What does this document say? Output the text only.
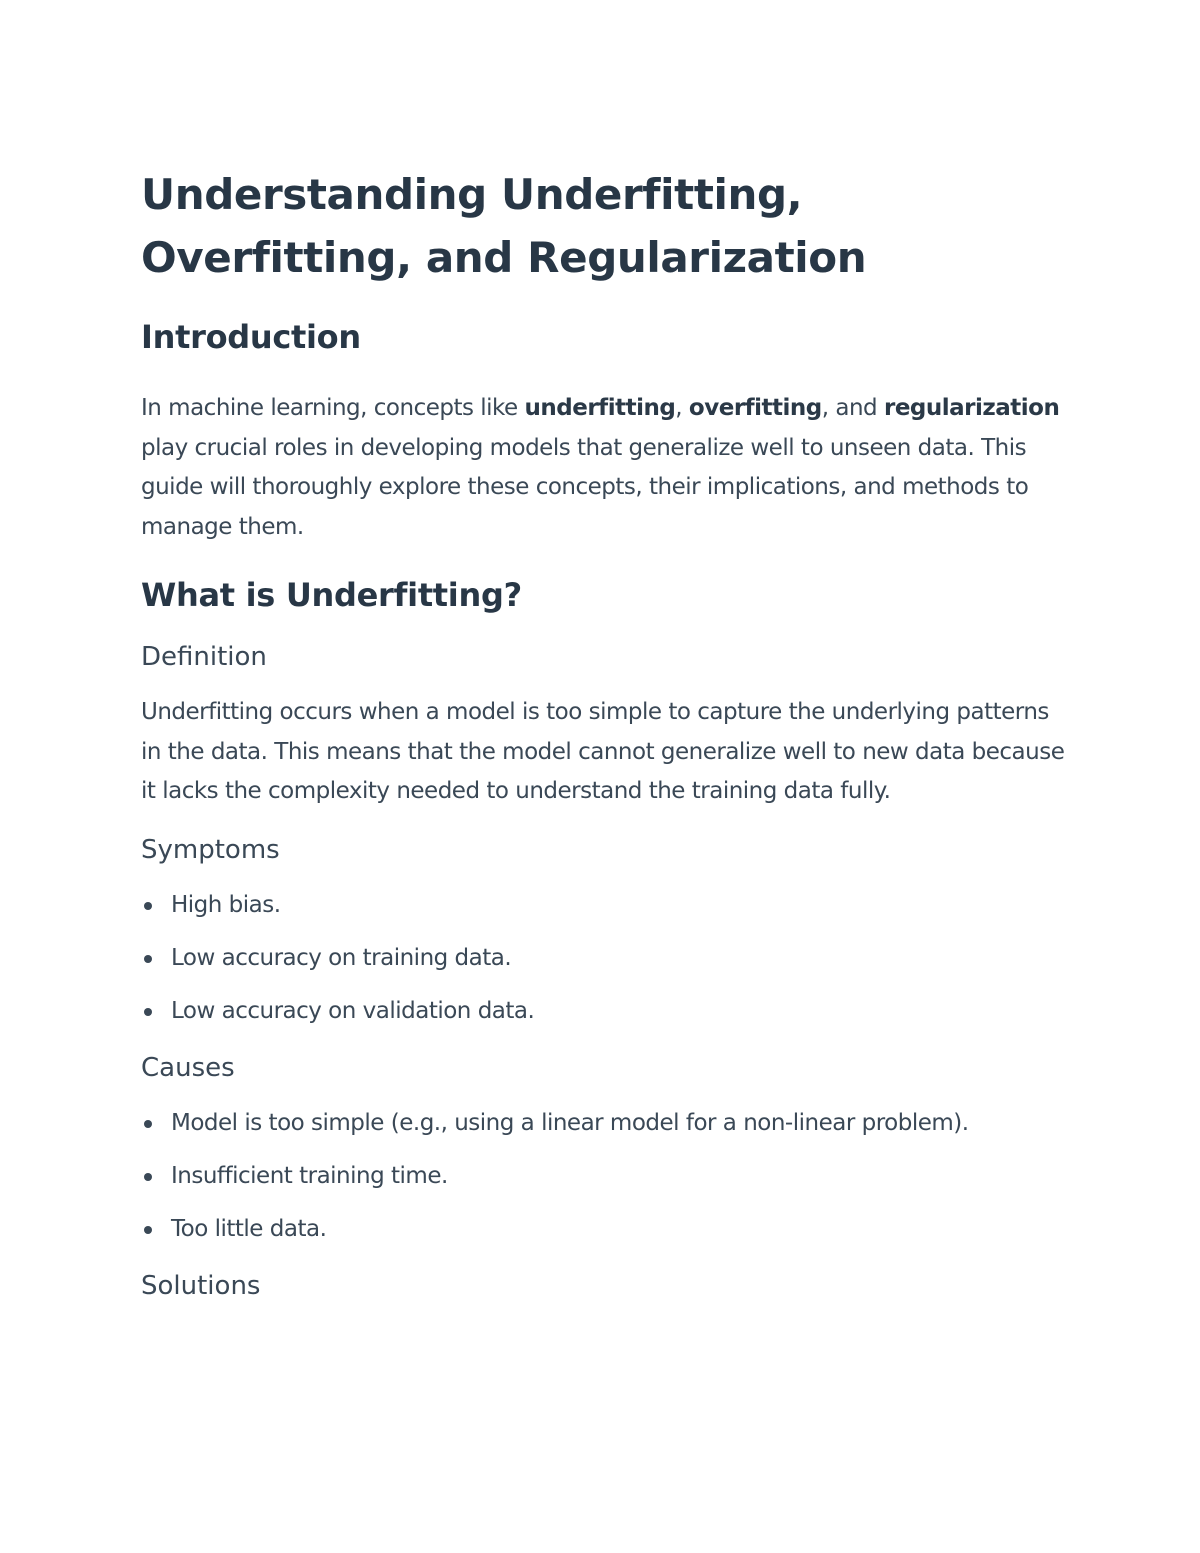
Understanding Underfitting, Overfitting, and Regularization
Introduction

In machine learning, concepts like underfitting, overfitting, and regularization play crucial roles in developing models that generalize well to unseen data. This guide will thoroughly explore these concepts, their implications, and methods to manage them.

What is Underfitting?
Definition

Underfitting occurs when a model is too simple to capture the underlying patterns in the data. This means that the model cannot generalize well to new data because it lacks the complexity needed to understand the training data fully.

Symptoms
High bias.
Low accuracy on training data.
Low accuracy on validation data.
Causes
Model is too simple (e.g., using a linear model for a non-linear problem).
Insufficient training time.
Too little data.
Solutions
